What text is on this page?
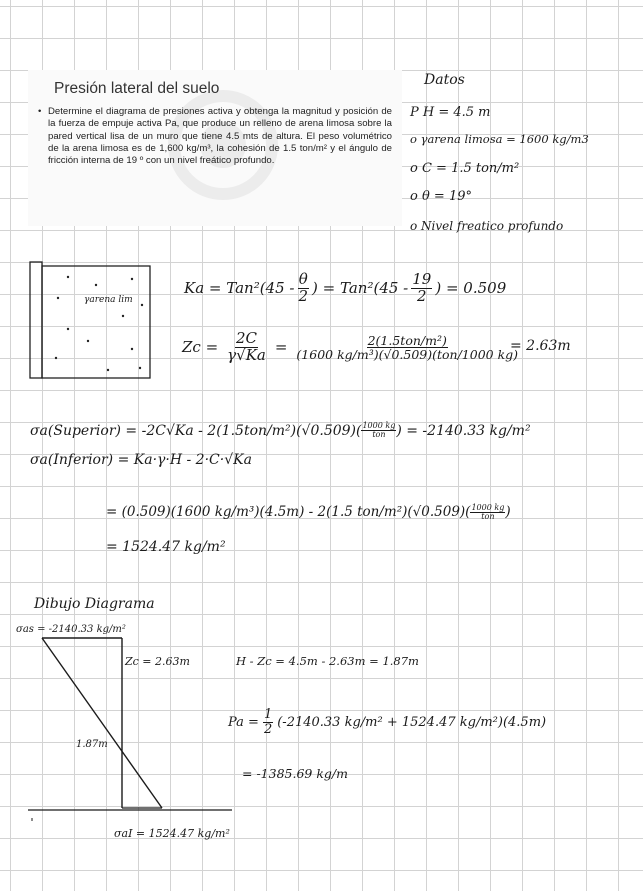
Presión lateral del suelo
• Determine el diagrama de presiones activa y obtenga la magnitud y posición de la fuerza de empuje activa Pa, que produce un relleno de arena limosa sobre la pared vertical lisa de un muro que tiene 4.5 mts de altura. El peso volumétrico de la arena limosa es de 1,600 kg/m³, la cohesión de 1.5 ton/m² y el ángulo de fricción interna de 19 º con un nivel freático profundo.
Datos
P H = 4.5 m
o γarena limosa = 1600 kg/m3
o C = 1.5 ton/m²
o θ = 19°
o Nivel freatico profundo
γarena lim
$Ka = Tan^2(45 - \frac{\theta}{2}$ ) = $Tan^2(45 - \frac{19}{2}$ ) = 0.509
$Zc = \frac{2C}{\gamma√Ka} = \frac{\text{2(1.5ton/m²)}}{\text{(1600 kg/m³)(√0.509)(ton/1000 kg)}}$
= 2.63m
σa(Superior) = $-2C√Ka - 2(1.5ton/m^2)(√0.509)( \frac{1000 kg}{\text{ton}}$ ) = -2140.33 kg/m²
σa(Inferior) = Ka·γ·H - 2·C·√Ka
= (0.509)(1600 kg/m³)(4.5m) - 2(1.5 $ton/m^2)(√0.509)( \frac{1000 kg}{\text{ton}}$ )
= 1524.47 kg/m²
Dibujo Diagrama
σas = -2140.33 kg/m²
Zc = 2.63m	H - Zc = 4.5m - 2.63m = 1.87m
1.87m
σaI = 1524.47 kg/m²
$Pa = \frac{1}{2} (-2140.33$ kg/m² + 1524.47 kg/m²)(4.5m)
= -1385.69 kg/m
